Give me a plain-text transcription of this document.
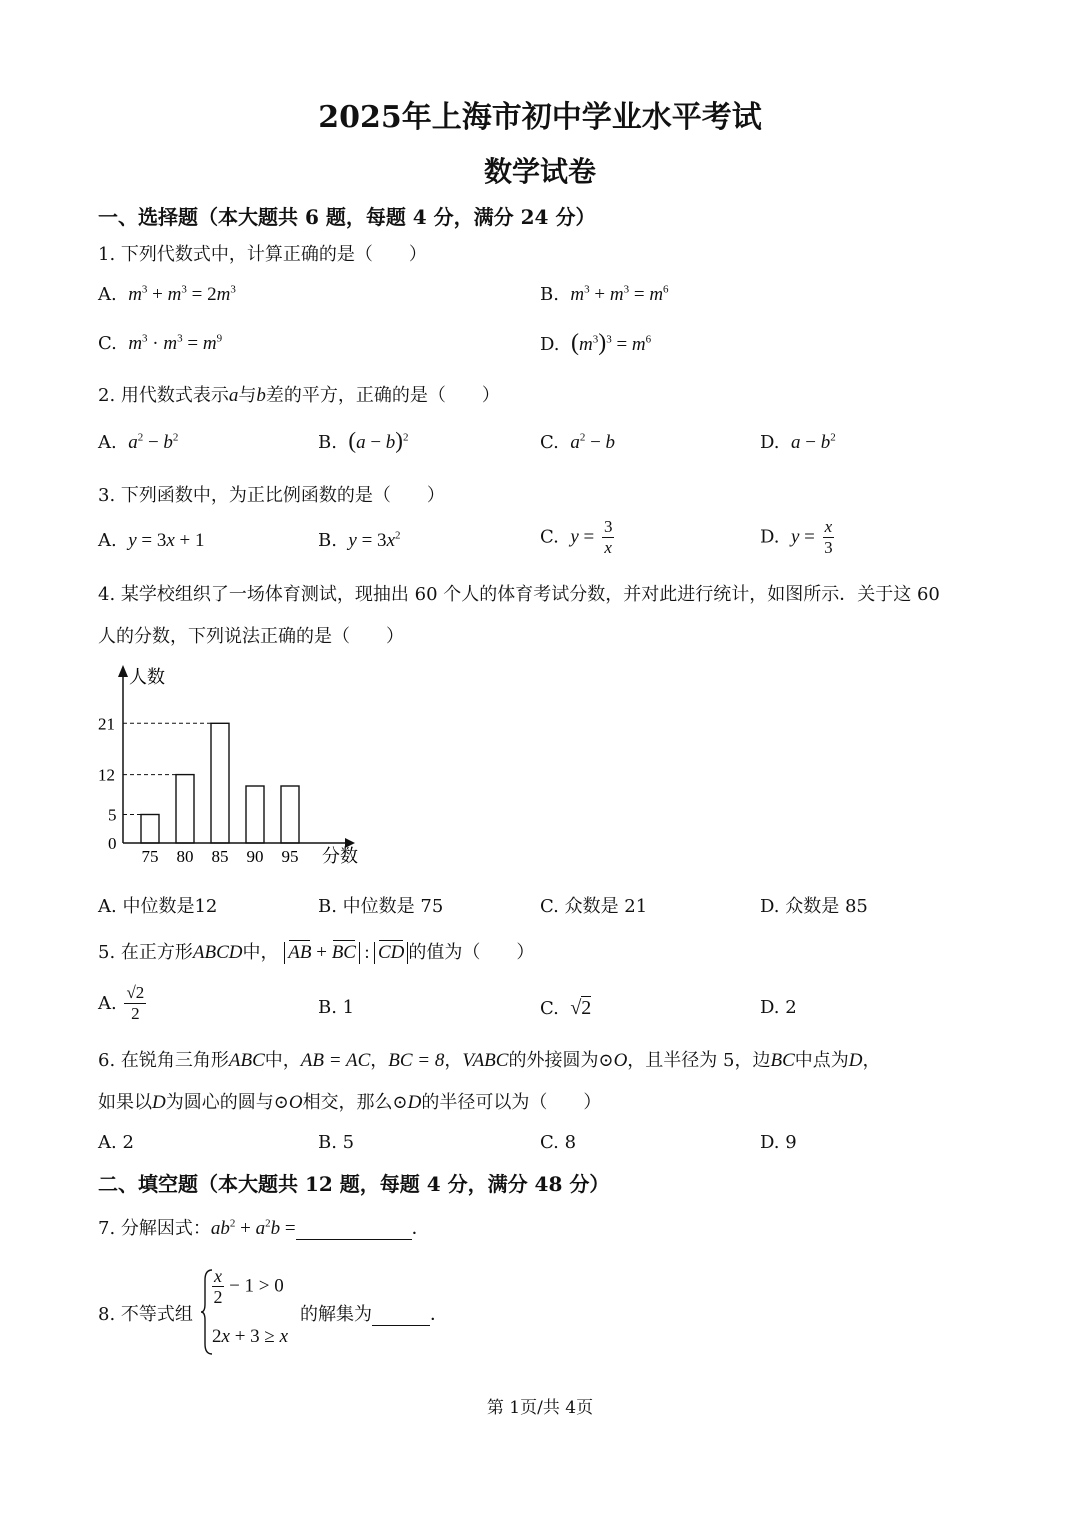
2025年上海市初中学业水平考试
数学试卷
一、选择题（本大题共 6 题，每题 4 分，满分 24 分）
1. 下列代数式中，计算正确的是（　　）
A. $m^3 + m^3 = 2m^3$	B. $m^3 + m^3 = m^6$
C. $m^3 \cdot m^3 = m^9$	D. $(m^3)^3 = m^6$
2. 用代数式表示a与b差的平方，正确的是（　　）
A. $a^2 - b^2$	B. $(a - b)^2$	C. $a^2 - b$	D. $a - b^2$
3. 下列函数中，为正比例函数的是（　　）
A. y = 3x + 1	B. $y = 3x^2$	C. $y = \frac{3}{x}$	D. $y = \frac{x}{3}$
4. 某学校组织了一场体育测试，现抽出 60 个人的体育考试分数，并对此进行统计，如图所示．关于这 60
人的分数，下列说法正确的是（　　）
人数
分数
0
5
12
21
75 80 85 90 95
A. 中位数是12	B. 中位数是 75	C. 众数是 21	D. 众数是 85
5. 在正方形ABCD中， AB + BC : CD 的值为（　　）
A. $\frac{√2}{2}$	B. 1	C. √2	D. 2
6. 在锐角三角形ABC中，AB = AC，BC = 8，VABC的外接圆为⊙O，且半径为 5，边BC中点为D，
如果以D为圆心的圆与⊙O相交，那么⊙D的半径可以为（　　）
A. 2	B. 5	C. 8	D. 9
二、填空题（本大题共 12 题，每题 4 分，满分 48 分）
7. 分解因式：$ab^2 + a^2b$ =	．
8. 不等式组
$\frac{x}{2} - 1 > 0$
2x + 3 ≥ x
的解集为	．
第 1页/共 4页
